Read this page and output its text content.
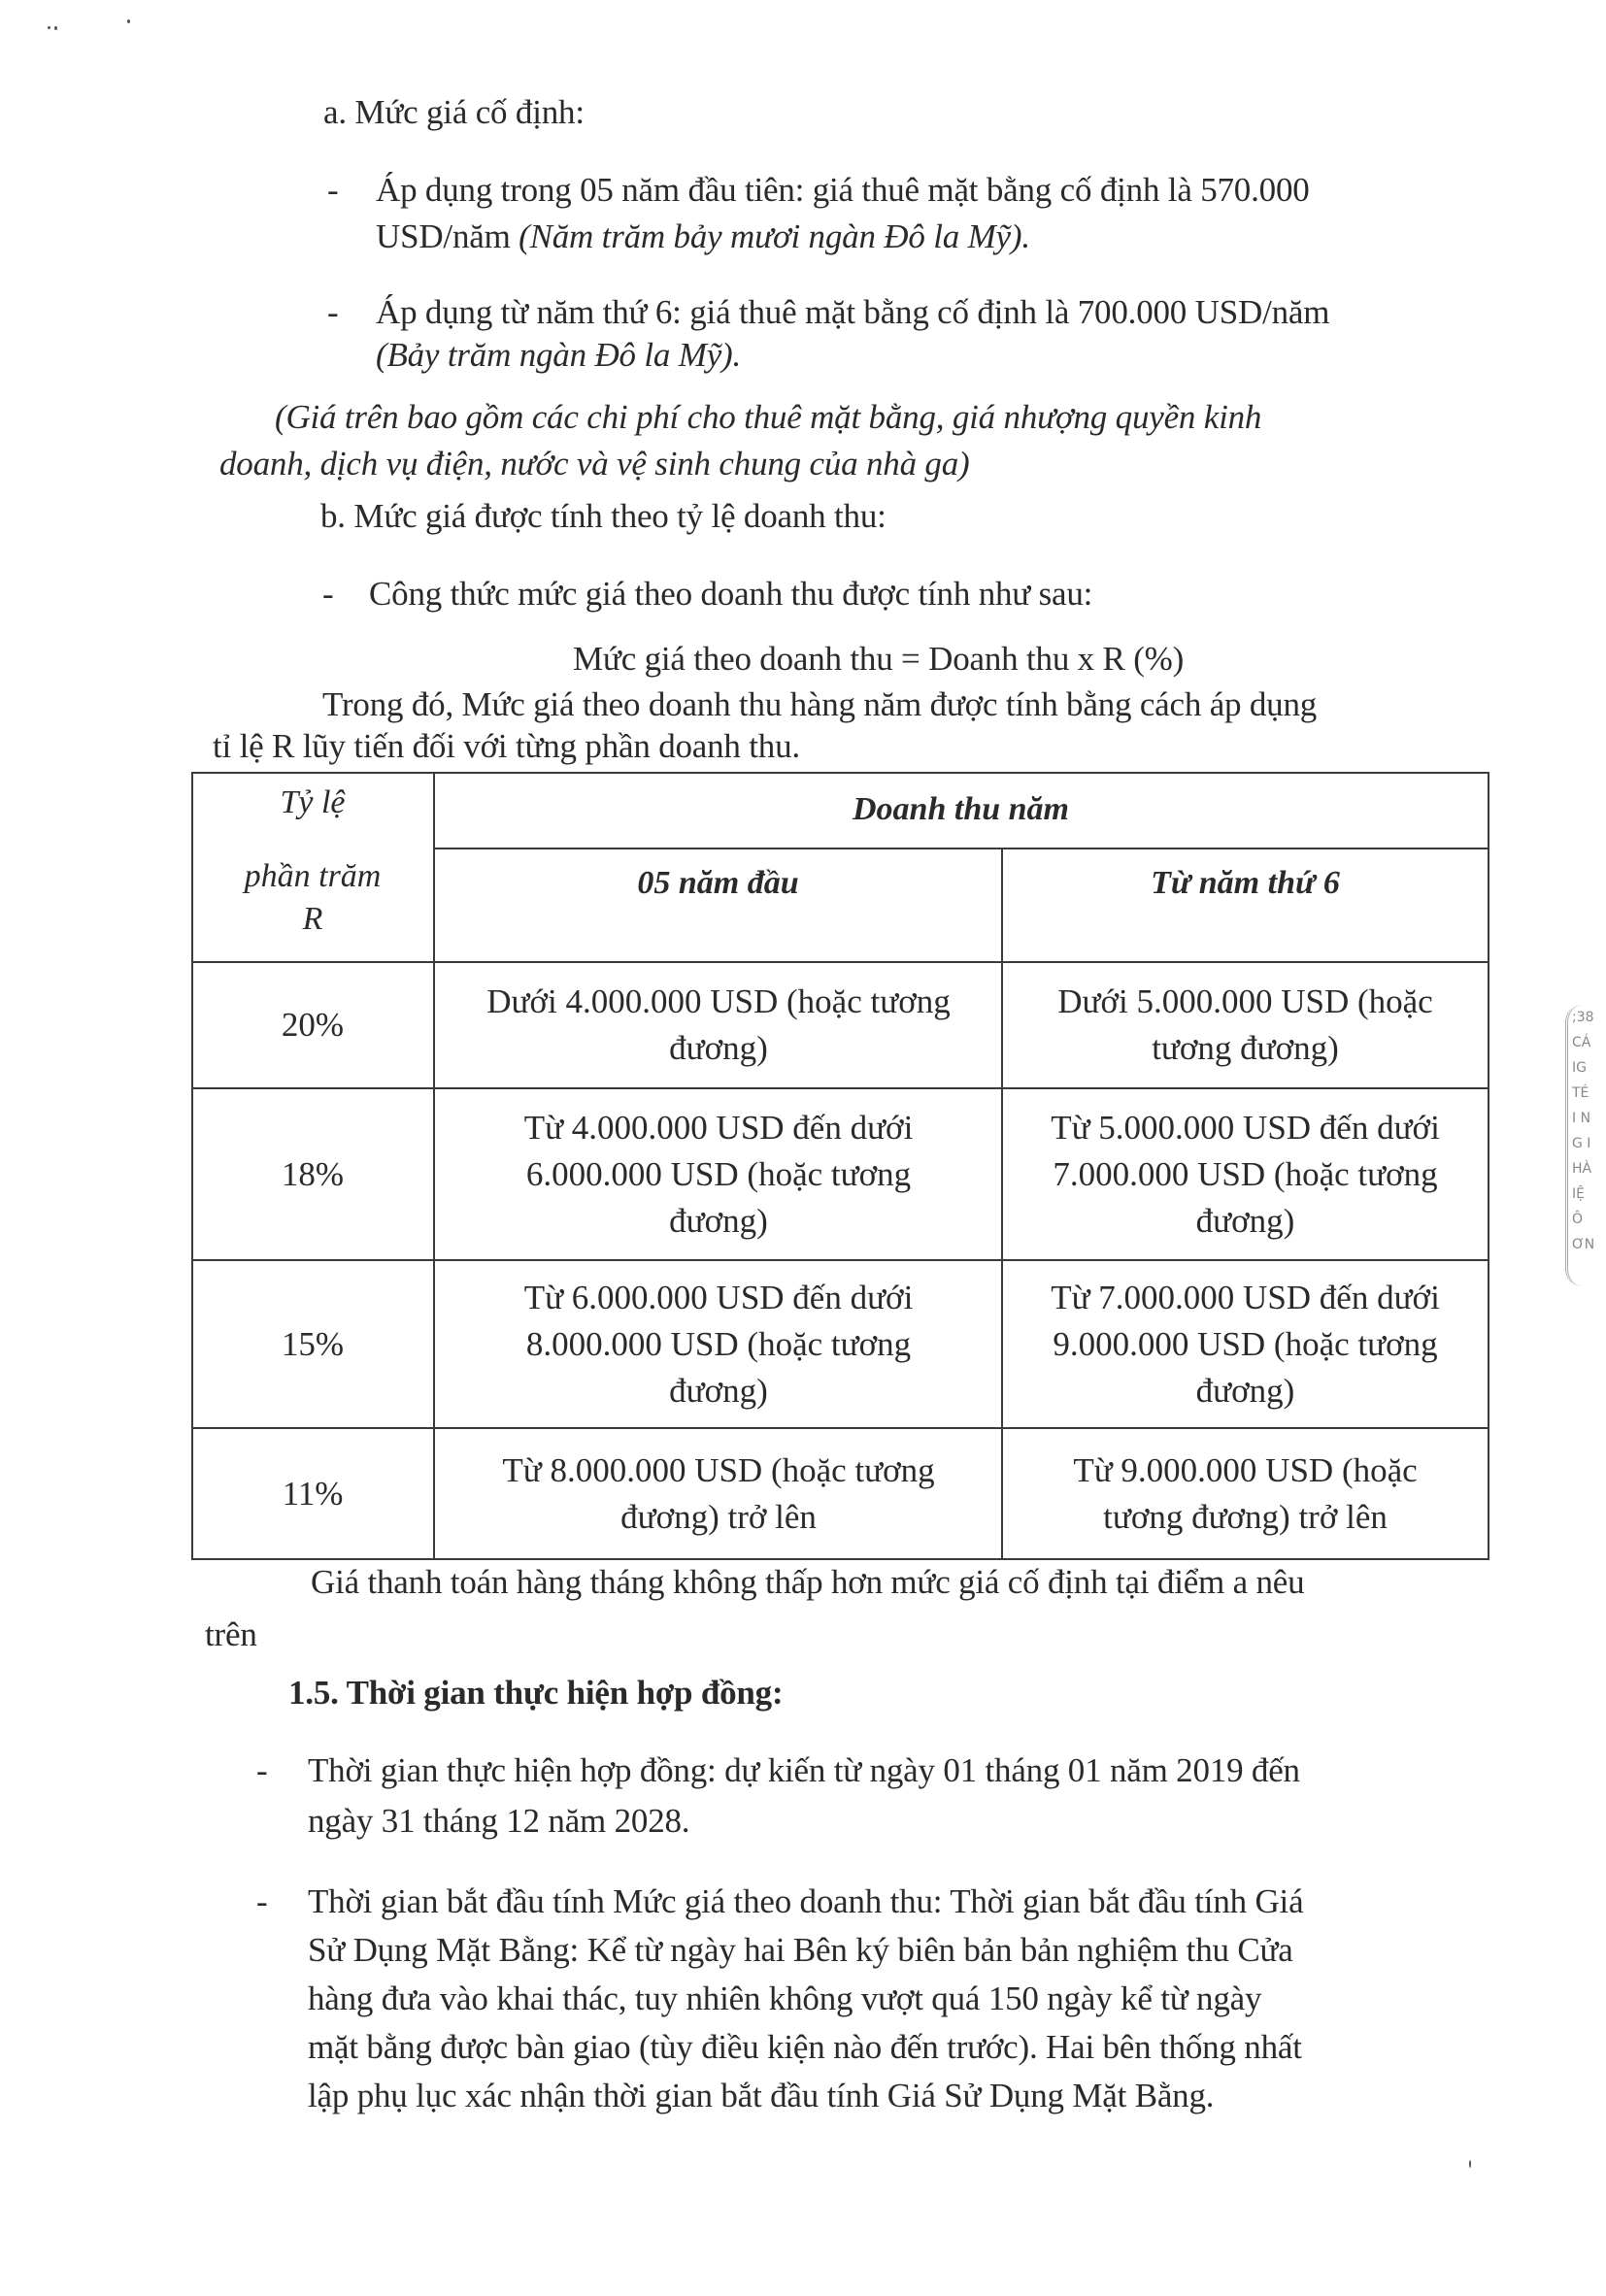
a. Mức giá cố định:
- Áp dụng trong 05 năm đầu tiên: giá thuê mặt bằng cố định là 570.000
USD/năm (Năm trăm bảy mươi ngàn Đô la Mỹ).
- Áp dụng từ năm thứ 6: giá thuê mặt bằng cố định là 700.000 USD/năm
(Bảy trăm ngàn Đô la Mỹ).
(Giá trên bao gồm các chi phí cho thuê mặt bằng, giá nhượng quyền kinh
doanh, dịch vụ điện, nước và vệ sinh chung của nhà ga)
b. Mức giá được tính theo tỷ lệ doanh thu:
- Công thức mức giá theo doanh thu được tính như sau:
Mức giá theo doanh thu = Doanh thu x R (%)
Trong đó, Mức giá theo doanh thu hàng năm được tính bằng cách áp dụng
tỉ lệ R lũy tiến đối với từng phần doanh thu.
Tỷ lệ
phần trăm
R
Doanh thu năm
05 năm đầu	Từ năm thứ 6
20%
Dưới 4.000.000 USD (hoặc tương
đương)
Dưới 5.000.000 USD (hoặc
tương đương)
18%
Từ 4.000.000 USD đến dưới
6.000.000 USD (hoặc tương
đương)
Từ 5.000.000 USD đến dưới
7.000.000 USD (hoặc tương
đương)
15%
Từ 6.000.000 USD đến dưới
8.000.000 USD (hoặc tương
đương)
Từ 7.000.000 USD đến dưới
9.000.000 USD (hoặc tương
đương)
11%
Từ 8.000.000 USD (hoặc tương
đương) trở lên
Từ 9.000.000 USD (hoặc
tương đương) trở lên
Giá thanh toán hàng tháng không thấp hơn mức giá cố định tại điểm a nêu
trên
1.5. Thời gian thực hiện hợp đồng:
- Thời gian thực hiện hợp đồng: dự kiến từ ngày 01 tháng 01 năm 2019 đến
ngày 31 tháng 12 năm 2028.
- Thời gian bắt đầu tính Mức giá theo doanh thu: Thời gian bắt đầu tính Giá
Sử Dụng Mặt Bằng: Kể từ ngày hai Bên ký biên bản bản nghiệm thu Cửa
hàng đưa vào khai thác, tuy nhiên không vượt quá 150 ngày kể từ ngày
mặt bằng được bàn giao (tùy điều kiện nào đến trước). Hai bên thống nhất
lập phụ lục xác nhận thời gian bắt đầu tính Giá Sử Dụng Mặt Bằng.
;38
CÁ
IG
TÉ
I N
G I
HÀ
IỆ
Ô
ƠN
